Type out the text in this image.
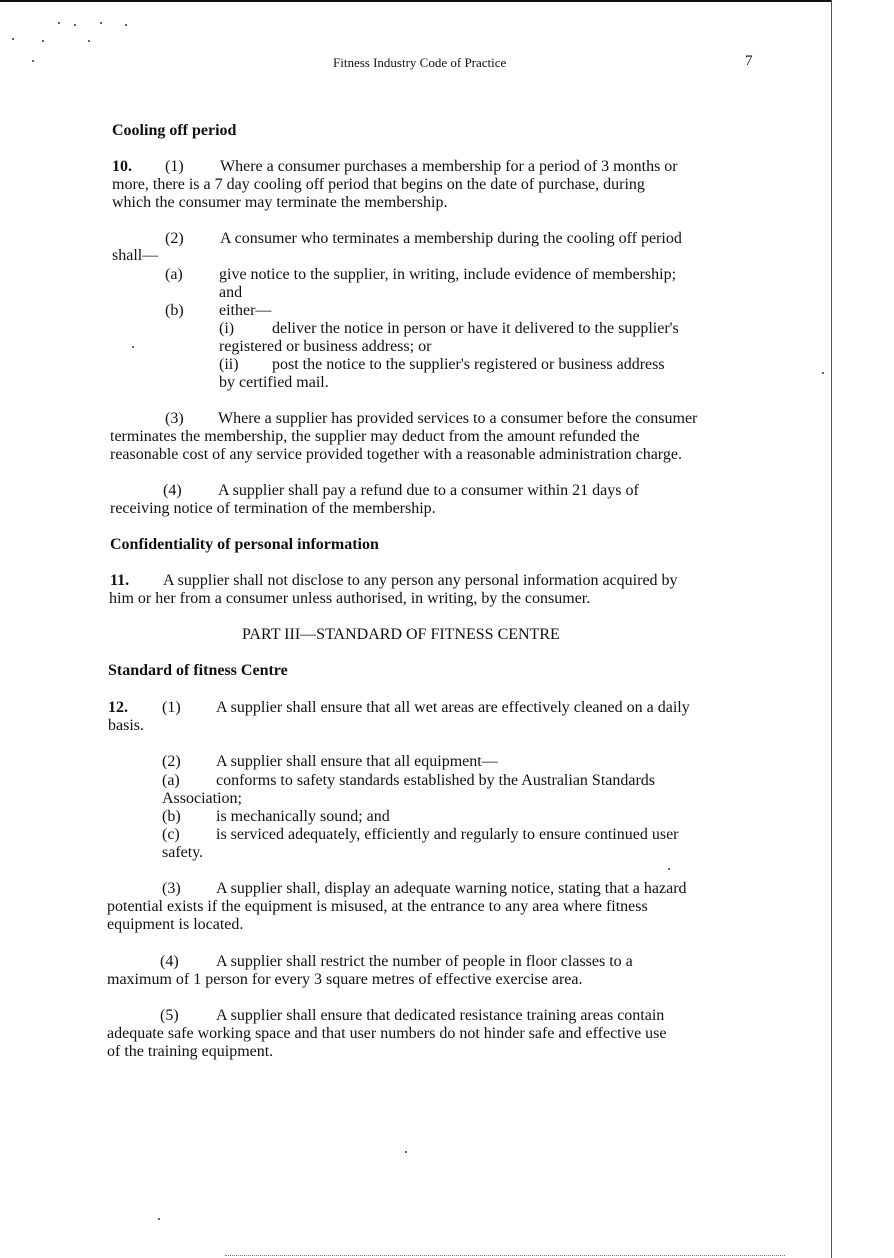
Fitness Industry Code of Practice	7
Cooling off period
10. (1) Where a consumer purchases a membership for a period of 3 months or
more, there is a 7 day cooling off period that begins on the date of purchase, during
which the consumer may terminate the membership.
(2) A consumer who terminates a membership during the cooling off period
shall—
(a) give notice to the supplier, in writing, include evidence of membership;
and
(b) either—
(i) deliver the notice in person or have it delivered to the supplier's
registered or business address; or
(ii) post the notice to the supplier's registered or business address
by certified mail.
(3) Where a supplier has provided services to a consumer before the consumer
terminates the membership, the supplier may deduct from the amount refunded the
reasonable cost of any service provided together with a reasonable administration charge.
(4) A supplier shall pay a refund due to a consumer within 21 days of
receiving notice of termination of the membership.
Confidentiality of personal information
11. A supplier shall not disclose to any person any personal information acquired by
him or her from a consumer unless authorised, in writing, by the consumer.
PART III—STANDARD OF FITNESS CENTRE
Standard of fitness Centre
12. (1) A supplier shall ensure that all wet areas are effectively cleaned on a daily
basis.
(2) A supplier shall ensure that all equipment—
(a) conforms to safety standards established by the Australian Standards
Association;
(b) is mechanically sound; and
(c) is serviced adequately, efficiently and regularly to ensure continued user
safety.
(3) A supplier shall, display an adequate warning notice, stating that a hazard
potential exists if the equipment is misused, at the entrance to any area where fitness
equipment is located.
(4) A supplier shall restrict the number of people in floor classes to a
maximum of 1 person for every 3 square metres of effective exercise area.
(5) A supplier shall ensure that dedicated resistance training areas contain
adequate safe working space and that user numbers do not hinder safe and effective use
of the training equipment.
